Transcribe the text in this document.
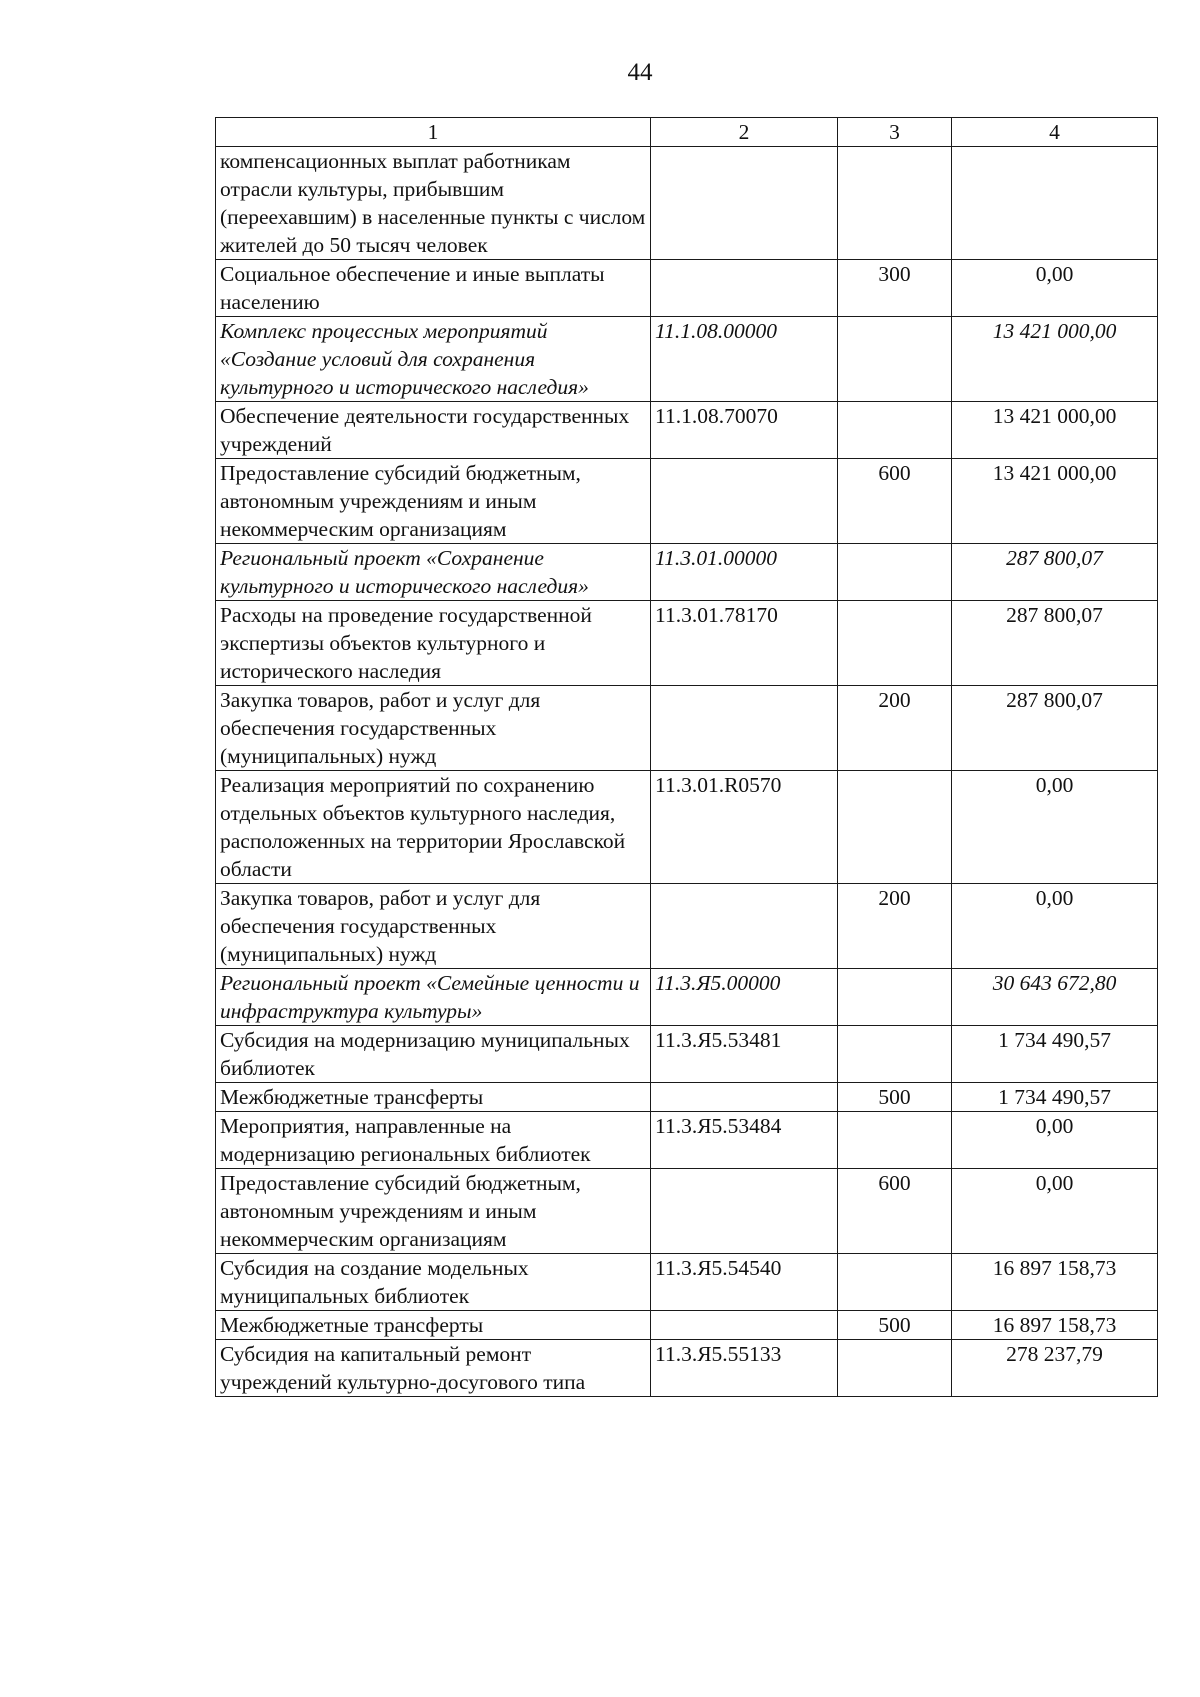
44
1	2	3	4
компенсационных выплат работникам отрасли культуры, прибывшим (переехавшим) в населенные пункты с числом жителей до 50 тысяч человек			
Социальное обеспечение и иные выплаты населению		300	0,00
Комплекс процессных мероприятий «Создание условий для сохранения культурного и исторического наследия»	11.1.08.00000		13 421 000,00
Обеспечение деятельности государственных учреждений	11.1.08.70070		13 421 000,00
Предоставление субсидий бюджетным, автономным учреждениям и иным некоммерческим организациям		600	13 421 000,00
Региональный проект «Сохранение культурного и исторического наследия»	11.3.01.00000		287 800,07
Расходы на проведение государственной экспертизы объектов культурного и исторического наследия	11.3.01.78170		287 800,07
Закупка товаров, работ и услуг для обеспечения государственных (муниципальных) нужд		200	287 800,07
Реализация мероприятий по сохранению отдельных объектов культурного наследия, расположенных на территории Ярославской области	11.3.01.R0570		0,00
Закупка товаров, работ и услуг для обеспечения государственных (муниципальных) нужд		200	0,00
Региональный проект «Семейные ценности и инфраструктура культуры»	11.3.Я5.00000		30 643 672,80
Субсидия на модернизацию муниципальных библиотек	11.3.Я5.53481		1 734 490,57
Межбюджетные трансферты		500	1 734 490,57
Мероприятия, направленные на модернизацию региональных библиотек	11.3.Я5.53484		0,00
Предоставление субсидий бюджетным, автономным учреждениям и иным некоммерческим организациям		600	0,00
Субсидия на создание модельных муниципальных библиотек	11.3.Я5.54540		16 897 158,73
Межбюджетные трансферты		500	16 897 158,73
Субсидия на капитальный ремонт учреждений культурно-досугового типа	11.3.Я5.55133		278 237,79
